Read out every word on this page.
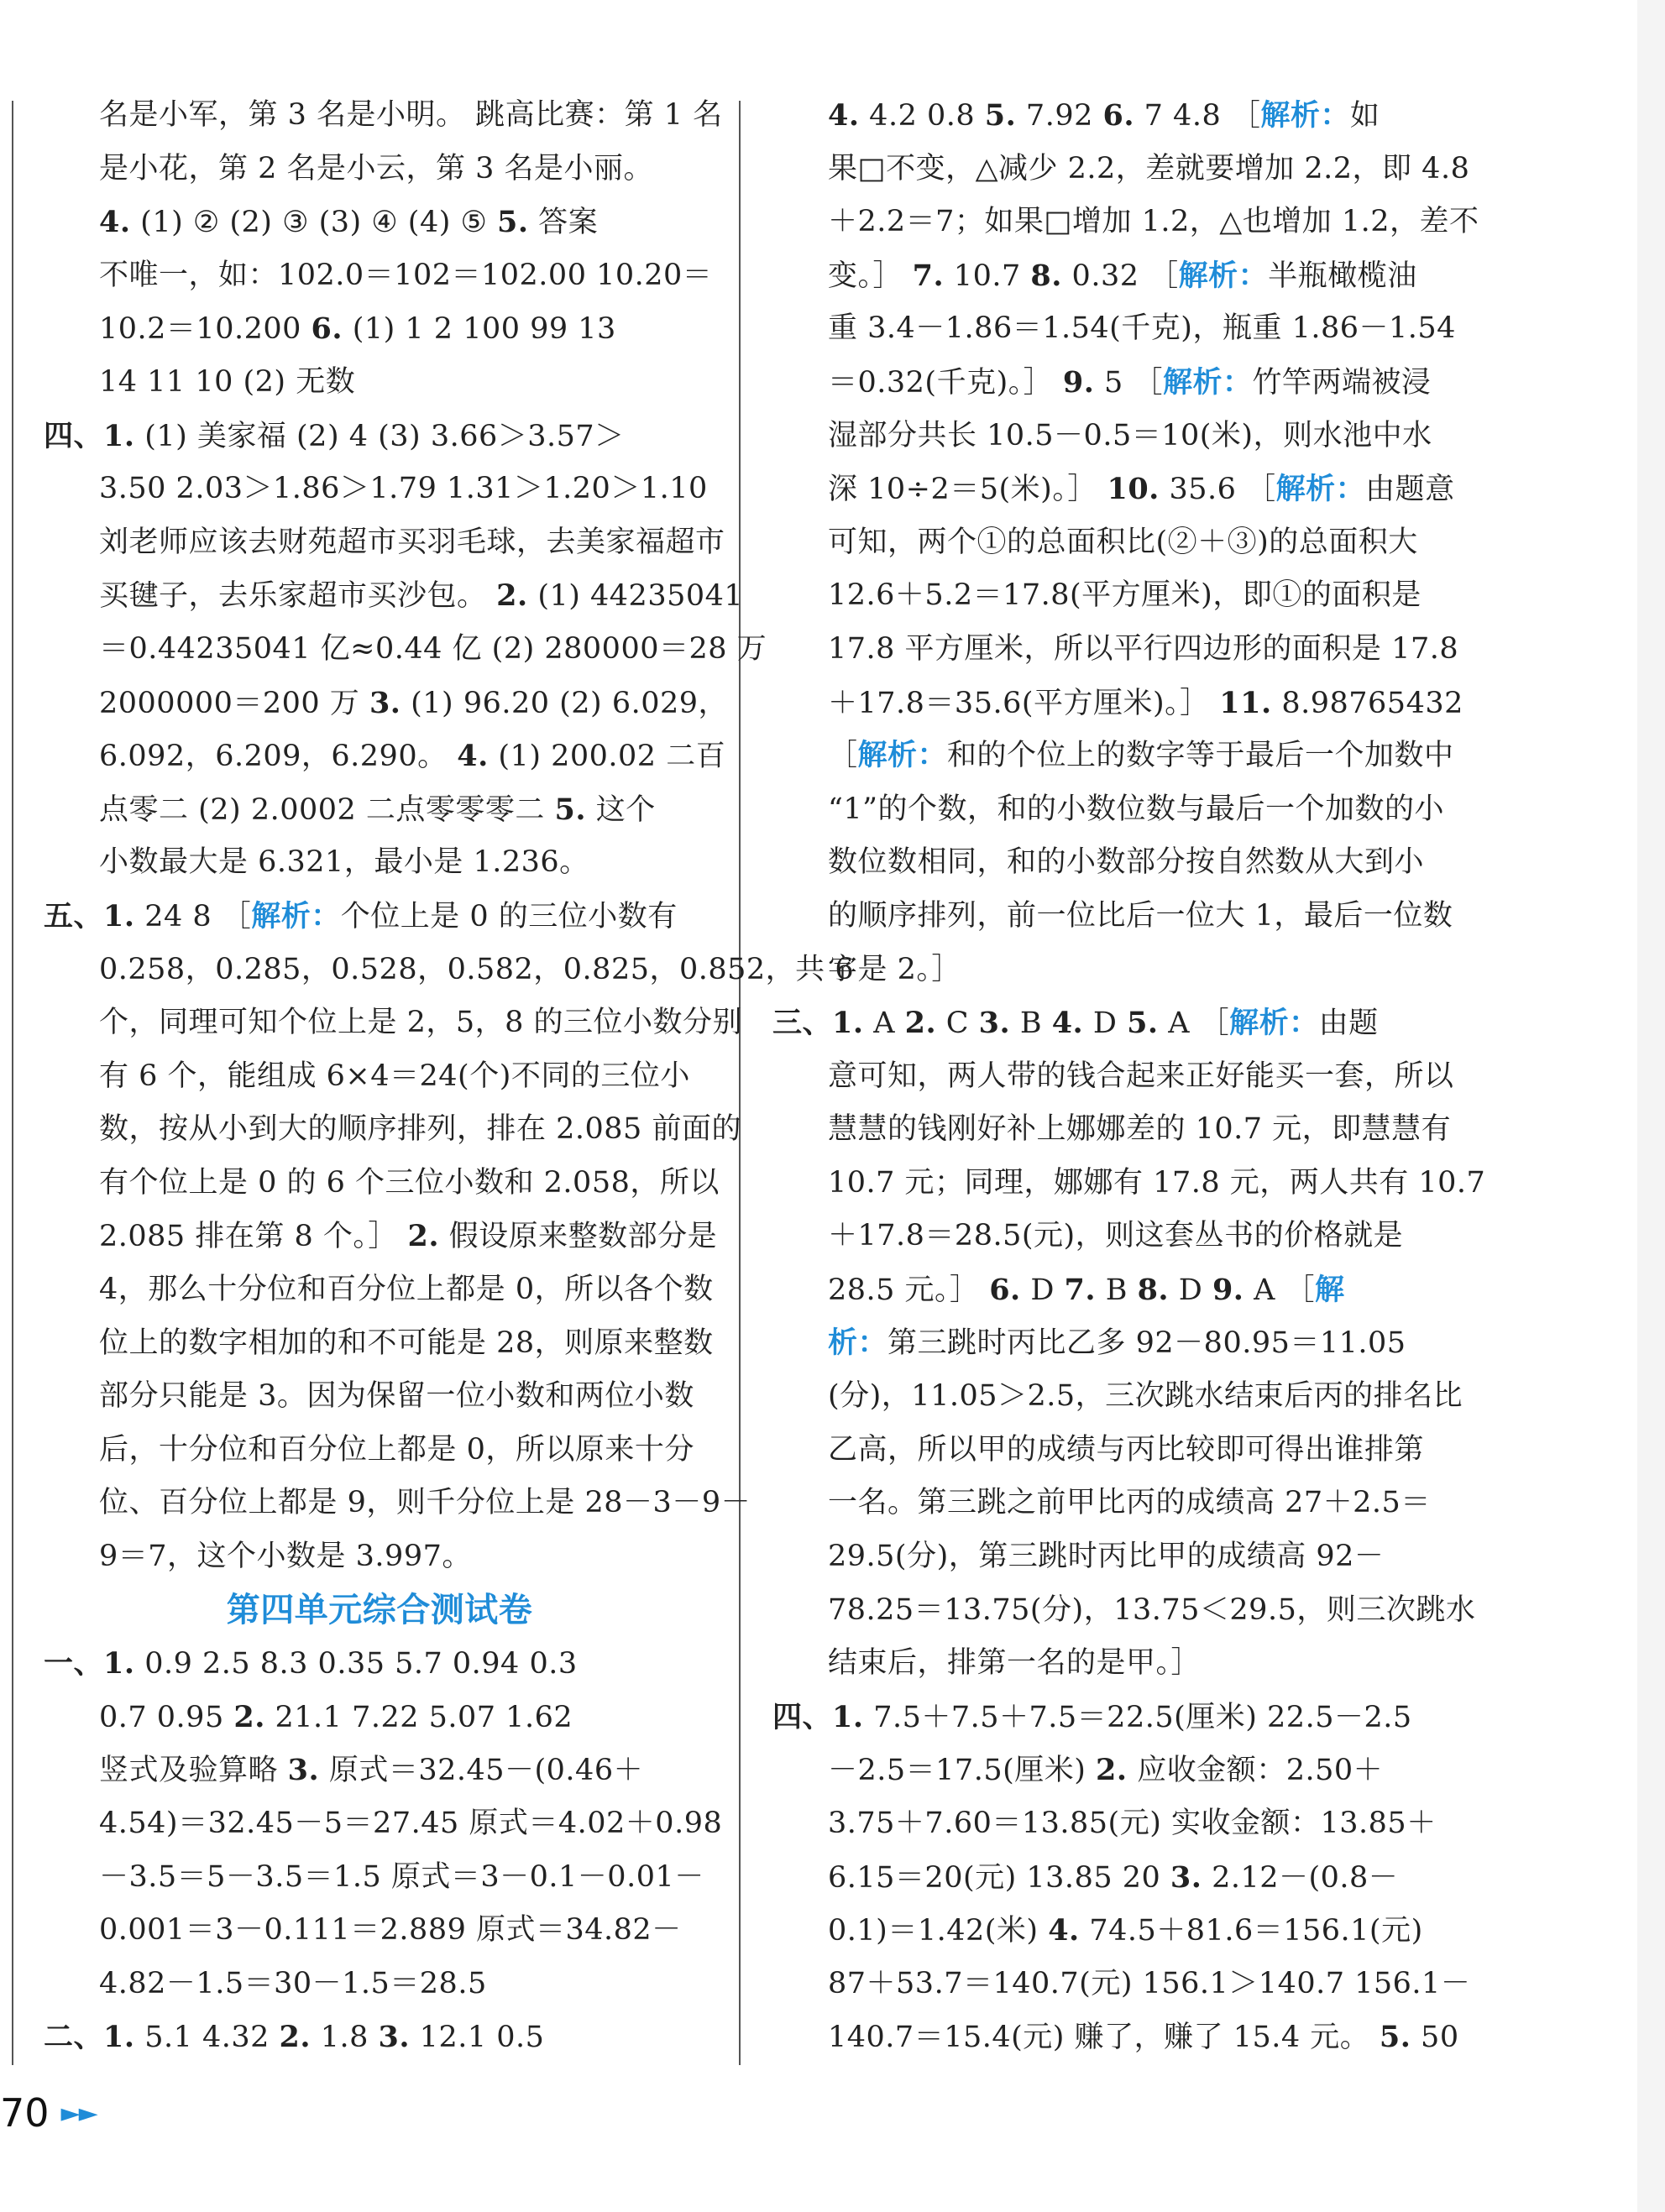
名是小军，第 3 名是小明。 跳高比赛：第 1 名
是小花，第 2 名是小云，第 3 名是小丽。
4. (1) ② (2) ③ (3) ④ (4) ⑤ 5. 答案
不唯一，如：102.0＝102＝102.00 10.20＝
10.2＝10.200 6. (1) 1 2 100 99 13
14 11 10 (2) 无数
四、1. (1) 美家福 (2) 4 (3) 3.66＞3.57＞
3.50 2.03＞1.86＞1.79 1.31＞1.20＞1.10
刘老师应该去财苑超市买羽毛球，去美家福超市
买毽子，去乐家超市买沙包。 2. (1) 44235041
＝0.44235041 亿≈0.44 亿 (2) 280000＝28 万
2000000＝200 万 3. (1) 96.20 (2) 6.029，
6.092，6.209，6.290。 4. (1) 200.02 二百
点零二 (2) 2.0002 二点零零零二 5. 这个
小数最大是 6.321，最小是 1.236。
五、1. 24 8 ［解析：个位上是 0 的三位小数有
0.258，0.285，0.528，0.582，0.825，0.852，共 6
个，同理可知个位上是 2，5，8 的三位小数分别
有 6 个，能组成 6×4＝24(个)不同的三位小
数，按从小到大的顺序排列，排在 2.085 前面的
有个位上是 0 的 6 个三位小数和 2.058，所以
2.085 排在第 8 个。］ 2. 假设原来整数部分是
4，那么十分位和百分位上都是 0，所以各个数
位上的数字相加的和不可能是 28，则原来整数
部分只能是 3。因为保留一位小数和两位小数
后，十分位和百分位上都是 0，所以原来十分
位、百分位上都是 9，则千分位上是 28－3－9－
9＝7，这个小数是 3.997。
第四单元综合测试卷
一、1. 0.9 2.5 8.3 0.35 5.7 0.94 0.3
0.7 0.95 2. 21.1 7.22 5.07 1.62
竖式及验算略 3. 原式＝32.45－(0.46＋
4.54)＝32.45－5＝27.45 原式＝4.02＋0.98
－3.5＝5－3.5＝1.5 原式＝3－0.1－0.01－
0.001＝3－0.111＝2.889 原式＝34.82－
4.82－1.5＝30－1.5＝28.5
二、1. 5.1 4.32 2. 1.8 3. 12.1 0.5
4. 4.2 0.8 5. 7.92 6. 7 4.8 ［解析：如
果□不变，△减少 2.2，差就要增加 2.2，即 4.8
＋2.2＝7；如果□增加 1.2，△也增加 1.2，差不
变。］ 7. 10.7 8. 0.32 ［解析：半瓶橄榄油
重 3.4－1.86＝1.54(千克)，瓶重 1.86－1.54
＝0.32(千克)。］ 9. 5 ［解析：竹竿两端被浸
湿部分共长 10.5－0.5＝10(米)，则水池中水
深 10÷2＝5(米)。］ 10. 35.6 ［解析：由题意
可知，两个①的总面积比(②＋③)的总面积大
12.6＋5.2＝17.8(平方厘米)，即①的面积是
17.8 平方厘米，所以平行四边形的面积是 17.8
＋17.8＝35.6(平方厘米)。］ 11. 8.98765432
［解析：和的个位上的数字等于最后一个加数中
“1”的个数，和的小数位数与最后一个加数的小
数位数相同，和的小数部分按自然数从大到小
的顺序排列，前一位比后一位大 1，最后一位数
字是 2。］
三、1. A 2. C 3. B 4. D 5. A ［解析：由题
意可知，两人带的钱合起来正好能买一套，所以
慧慧的钱刚好补上娜娜差的 10.7 元，即慧慧有
10.7 元；同理，娜娜有 17.8 元，两人共有 10.7
＋17.8＝28.5(元)，则这套丛书的价格就是
28.5 元。］ 6. D 7. B 8. D 9. A ［解
析：第三跳时丙比乙多 92－80.95＝11.05
(分)，11.05＞2.5，三次跳水结束后丙的排名比
乙高，所以甲的成绩与丙比较即可得出谁排第
一名。第三跳之前甲比丙的成绩高 27＋2.5＝
29.5(分)，第三跳时丙比甲的成绩高 92－
78.25＝13.75(分)，13.75＜29.5，则三次跳水
结束后，排第一名的是甲。］
四、1. 7.5＋7.5＋7.5＝22.5(厘米) 22.5－2.5
－2.5＝17.5(厘米) 2. 应收金额：2.50＋
3.75＋7.60＝13.85(元) 实收金额：13.85＋
6.15＝20(元) 13.85 20 3. 2.12－(0.8－
0.1)＝1.42(米) 4. 74.5＋81.6＝156.1(元)
87＋53.7＝140.7(元) 156.1＞140.7 156.1－
140.7＝15.4(元) 赚了，赚了 15.4 元。 5. 50
70 ►►
